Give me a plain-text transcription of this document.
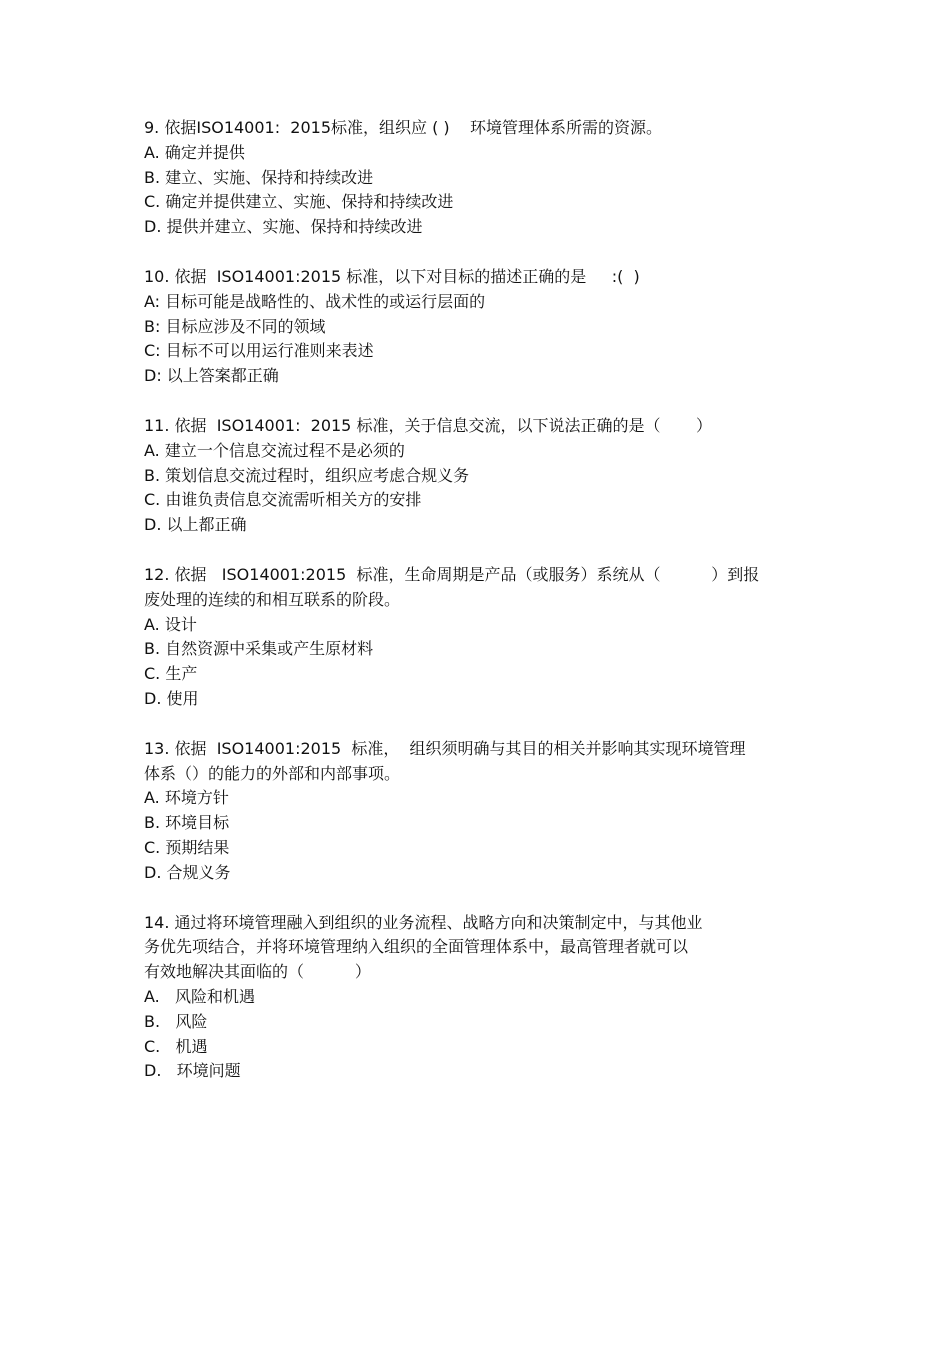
9. 依据ISO14001:  2015标准，组织应 ( )    环境管理体系所需的资源。
A. 确定并提供
B. 建立、实施、保持和持续改进
C. 确定并提供建立、实施、保持和持续改进
D. 提供并建立、实施、保持和持续改进
10. 依据  ISO14001:2015 标准，以下对目标的描述正确的是     :(  )
A: 目标可能是战略性的、战术性的或运行层面的
B: 目标应涉及不同的领域
C: 目标不可以用运行准则来表述
D: 以上答案都正确
11. 依据  ISO14001:  2015 标准，关于信息交流，以下说法正确的是（       ）
A. 建立一个信息交流过程不是必须的
B. 策划信息交流过程时，组织应考虑合规义务
C. 由谁负责信息交流需听相关方的安排
D. 以上都正确
12. 依据   ISO14001:2015  标准，生命周期是产品（或服务）系统从（          ）到报
废处理的连续的和相互联系的阶段。
A. 设计
B. 自然资源中采集或产生原材料
C. 生产
D. 使用
13. 依据  ISO14001:2015  标准，  组织须明确与其目的相关并影响其实现环境管理
体系（）的能力的外部和内部事项。
A. 环境方针
B. 环境目标
C. 预期结果
D. 合规义务
14. 通过将环境管理融入到组织的业务流程、战略方向和决策制定中，与其他业
务优先项结合，并将环境管理纳入组织的全面管理体系中，最高管理者就可以
有效地解决其面临的（          ）
A.   风险和机遇
B.   风险
C.   机遇
D.   环境问题
